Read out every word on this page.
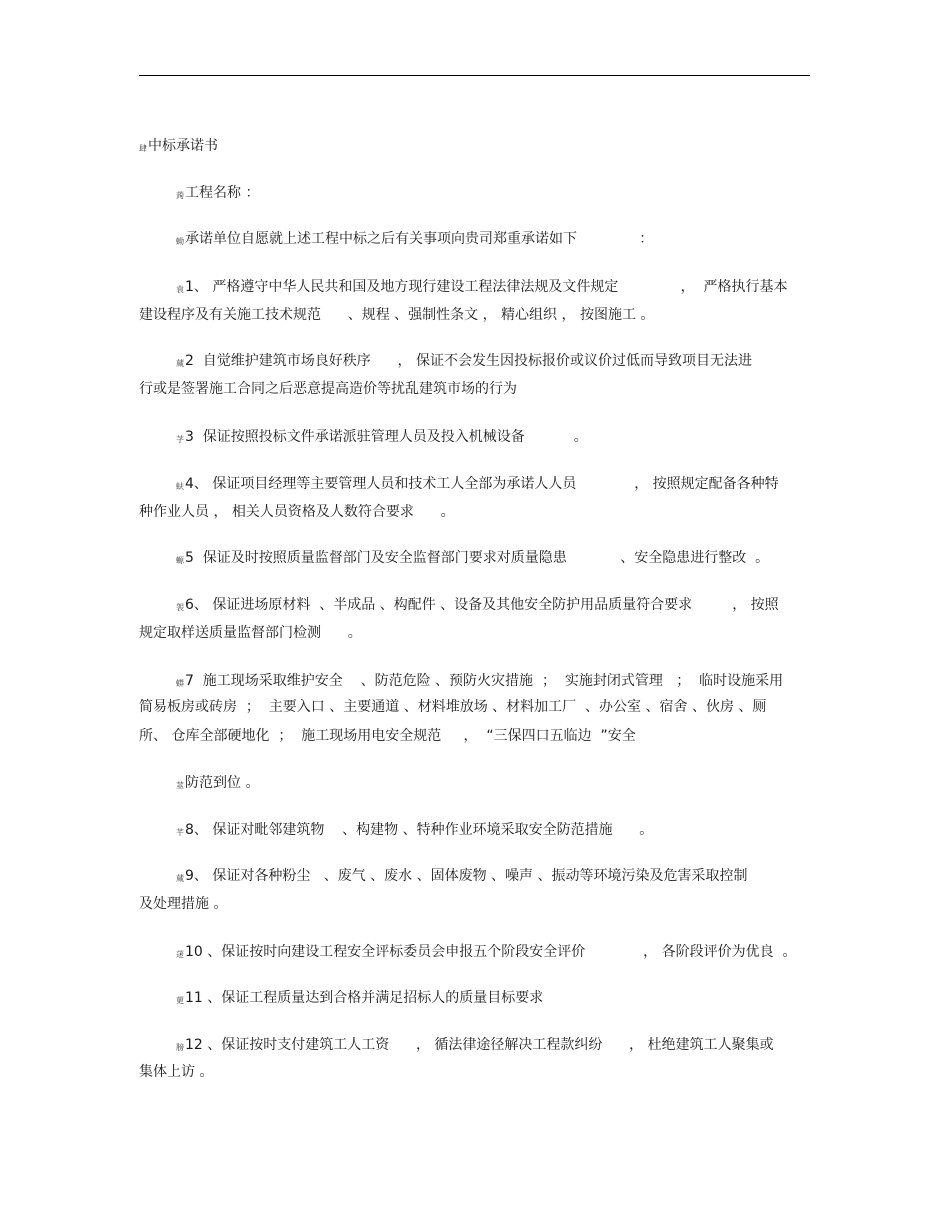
肆中标承诺书
蒟工程名称 ：
蚴承诺单位自愿就上述工程中标之后有关事项向贵司郑重承诺如下              ：
袁1、 严格遵守中华人民共和国及地方现行建设工程法律法规及文件规定              ，  严格执行基本
建设程序及有关施工技术规范      、规程 、强制性条文 ， 精心组织 ， 按图施工 。
蒇2  自觉维护建筑市场良好秩序      ， 保证不会发生因投标报价或议价过低而导致项目无法进
行或是签署施工合同之后恶意提高造价等扰乱建筑市场的行为
芓3  保证按照投标文件承诺派驻管理人员及投入机械设备           。
蚨4、 保证项目经理等主要管理人员和技术工人全部为承诺人人员             ， 按照规定配备各种特
种作业人员 ， 相关人员资格及人数符合要求      。
螈5  保证及时按照质量监督部门及安全监督部门要求对质量隐患            、安全隐患进行整改  。
袈6、 保证进场原材料  、半成品 、构配件 、设备及其他安全防护用品质量符合要求         ， 按照
规定取样送质量监督部门检测      。
蟒7  施工现场采取维护安全    、防范危险 、预防火灾措施  ；  实施封闭式管理   ；  临时设施采用
简易板房或砖房  ；  主要入口 、主要通道 、材料堆放场 、材料加工厂  、办公室 、宿舍 、伙房 、厕
所、 仓库全部硬地化  ；  施工现场用电安全规范     ，  “三保四口五临边  ”安全
莁防范到位 。
芊8、 保证对毗邻建筑物    、构建物 、特种作业环境采取安全防范措施      。
蒇9、 保证对各种粉尘   、废气 、废水 、固体废物 、噪声 、振动等环境污染及危害采取控制
及处理措施 。
蒁10 、保证按时向建设工程安全评标委员会申报五个阶段安全评价             ， 各阶段评价为优良  。
莄11 、保证工程质量达到合格并满足招标人的质量目标要求
膀12 、保证按时支付建筑工人工资      ， 循法律途径解决工程款纠纷      ， 杜绝建筑工人聚集或
集体上访 。
